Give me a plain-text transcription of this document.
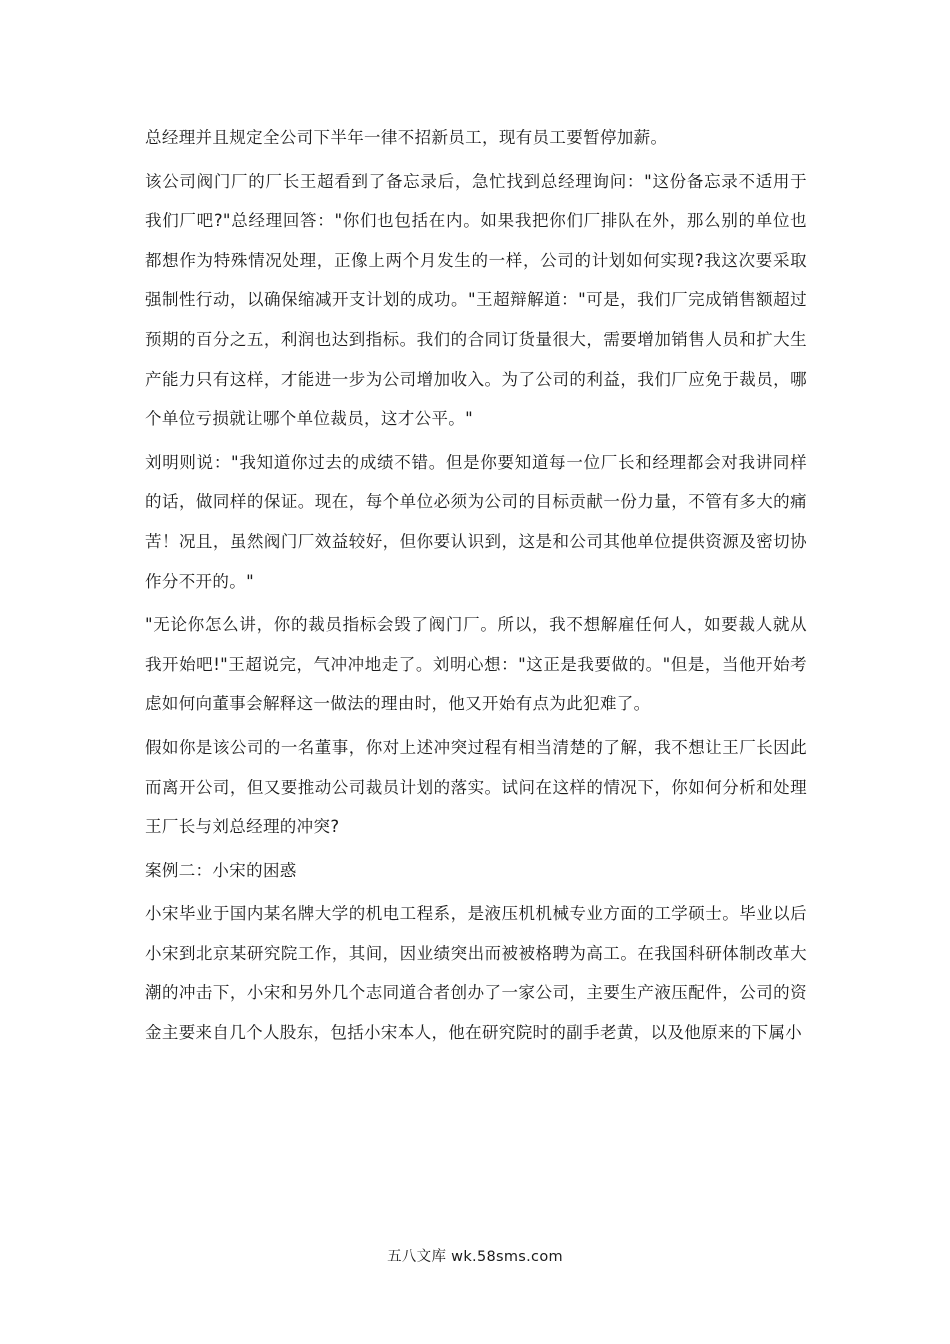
总经理并且规定全公司下半年一律不招新员工，现有员工要暂停加薪。

该公司阀门厂的厂长王超看到了备忘录后，急忙找到总经理询问："这份备忘录不适用于我们厂吧?"总经理回答："你们也包括在内。如果我把你们厂排队在外，那么别的单位也都想作为特殊情况处理，正像上两个月发生的一样，公司的计划如何实现?我这次要采取强制性行动，以确保缩减开支计划的成功。"王超辩解道："可是，我们厂完成销售额超过预期的百分之五，利润也达到指标。我们的合同订货量很大，需要增加销售人员和扩大生产能力只有这样，才能进一步为公司增加收入。为了公司的利益，我们厂应免于裁员，哪个单位亏损就让哪个单位裁员，这才公平。"

刘明则说："我知道你过去的成绩不错。但是你要知道每一位厂长和经理都会对我讲同样的话，做同样的保证。现在，每个单位必须为公司的目标贡献一份力量，不管有多大的痛苦！况且，虽然阀门厂效益较好，但你要认识到，这是和公司其他单位提供资源及密切协作分不开的。"

"无论你怎么讲，你的裁员指标会毁了阀门厂。所以，我不想解雇任何人，如要裁人就从我开始吧!"王超说完，气冲冲地走了。刘明心想："这正是我要做的。"但是，当他开始考虑如何向董事会解释这一做法的理由时，他又开始有点为此犯难了。

假如你是该公司的一名董事，你对上述冲突过程有相当清楚的了解，我不想让王厂长因此而离开公司，但又要推动公司裁员计划的落实。试问在这样的情况下，你如何分析和处理王厂长与刘总经理的冲突?

案例二：小宋的困惑

小宋毕业于国内某名牌大学的机电工程系，是液压机机械专业方面的工学硕士。毕业以后小宋到北京某研究院工作，其间，因业绩突出而被被格聘为高工。在我国科研体制改革大潮的冲击下，小宋和另外几个志同道合者创办了一家公司，主要生产液压配件，公司的资金主要来自几个人股东，包括小宋本人，他在研究院时的副手老黄，以及他原来的下属小

五八文库 wk.58sms.com
